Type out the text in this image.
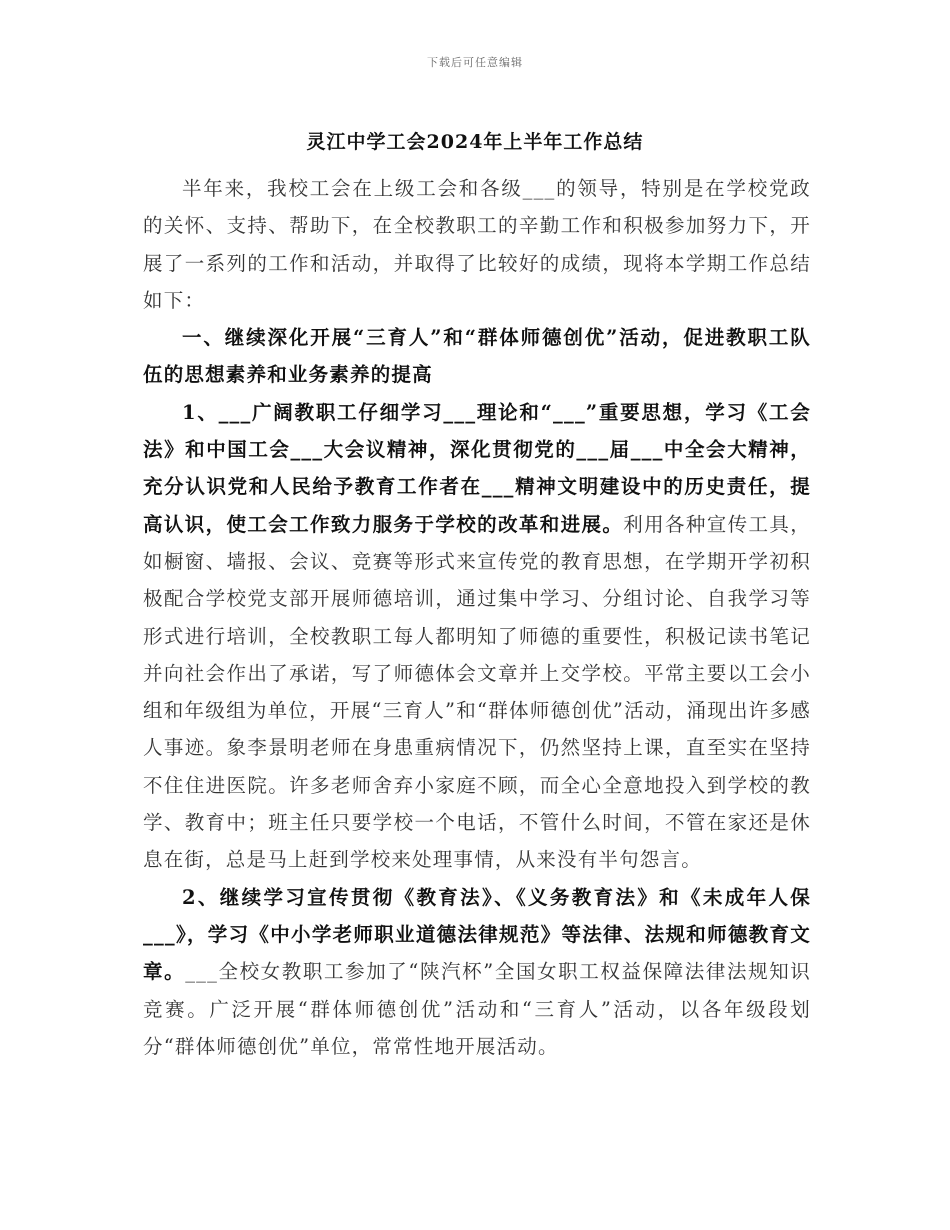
下载后可任意编辑
灵江中学工会2024年上半年工作总结

半年来，我校工会在上级工会和各级___的领导，特别是在学校党政的关怀、支持、帮助下，在全校教职工的辛勤工作和积极参加努力下，开展了一系列的工作和活动，并取得了比较好的成绩，现将本学期工作总结如下：

一、继续深化开展“三育人”和“群体师德创优”活动，促进教职工队伍的思想素养和业务素养的提高

1、___广阔教职工仔细学习___理论和“___”重要思想，学习《工会法》和中国工会___大会议精神，深化贯彻党的___届___中全会大精神，充分认识党和人民给予教育工作者在___精神文明建设中的历史责任，提高认识，使工会工作致力服务于学校的改革和进展。利用各种宣传工具，如橱窗、墙报、会议、竞赛等形式来宣传党的教育思想，在学期开学初积极配合学校党支部开展师德培训，通过集中学习、分组讨论、自我学习等形式进行培训，全校教职工每人都明知了师德的重要性，积极记读书笔记并向社会作出了承诺，写了师德体会文章并上交学校。平常主要以工会小组和年级组为单位，开展“三育人”和“群体师德创优”活动，涌现出许多感人事迹。象李景明老师在身患重病情况下，仍然坚持上课，直至实在坚持不住住进医院。许多老师舍弃小家庭不顾，而全心全意地投入到学校的教学、教育中；班主任只要学校一个电话，不管什么时间，不管在家还是休息在街，总是马上赶到学校来处理事情，从来没有半句怨言。

2、继续学习宣传贯彻《教育法》、《义务教育法》和《未成年人保___》，学习《中小学老师职业道德法律规范》等法律、法规和师德教育文章。___全校女教职工参加了“陕汽杯”全国女职工权益保障法律法规知识竞赛。广泛开展“群体师德创优”活动和“三育人”活动，以各年级段划分“群体师德创优”单位，常常性地开展活动。
